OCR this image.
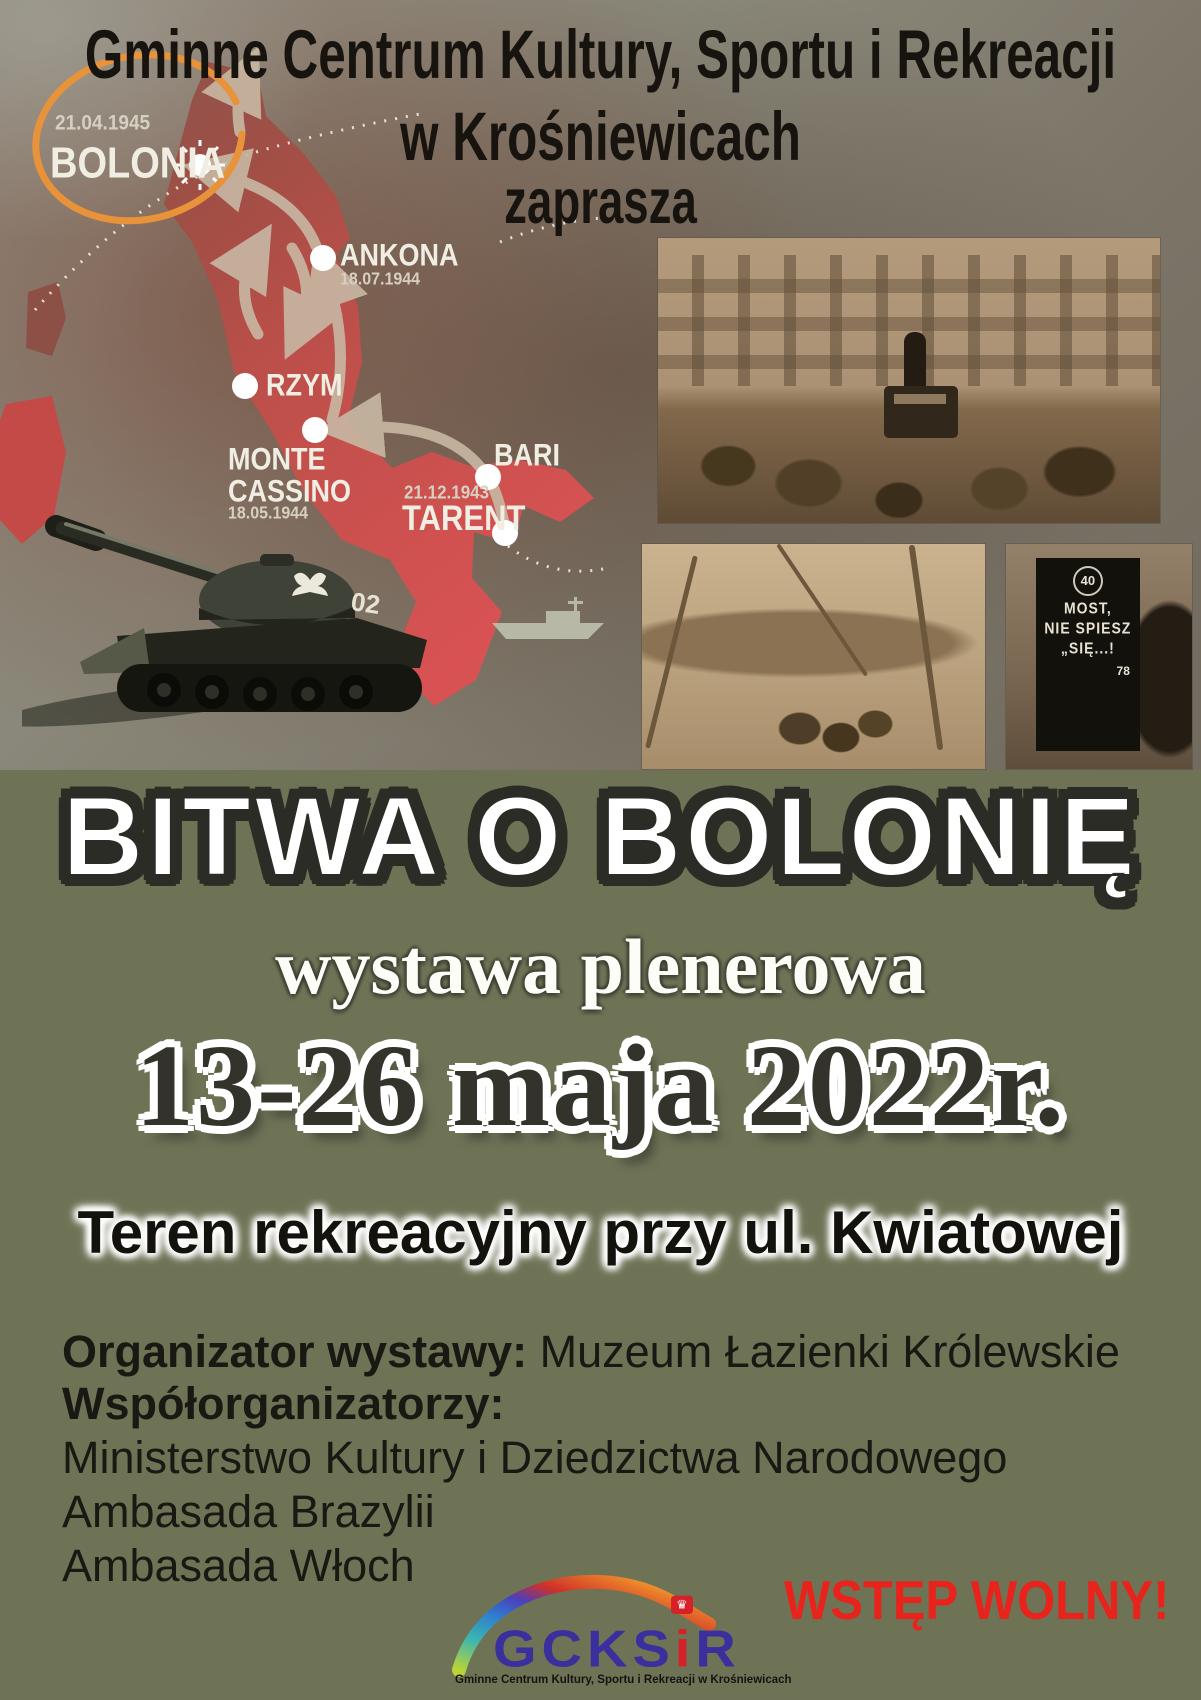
Gminne Centrum Kultury, Sportu i Rekreacji
w Krośniewicach
zaprasza
21.04.1945
BOLONIA
ANKONA
18.07.1944
RZYM
MONTE
CASSINO
18.05.1944
BARI
21.12.1943
TARENT
02
40
MOST,
NIE SPIESZ
„SIĘ...!
78
BITWA O BOLONIĘ
wystawa plenerowa
13-26 maja 2022r.
Teren rekreacyjny przy ul. Kwiatowej
Organizator wystawy: Muzeum Łazienki Królewskie
Współorganizatorzy:
Ministerstwo Kultury i Dziedzictwa Narodowego
Ambasada Brazylii
Ambasada Włoch
WSTĘP WOLNY!
GCKS
♛
iR
Gminne Centrum Kultury, Sportu i Rekreacji w Krośniewicach
